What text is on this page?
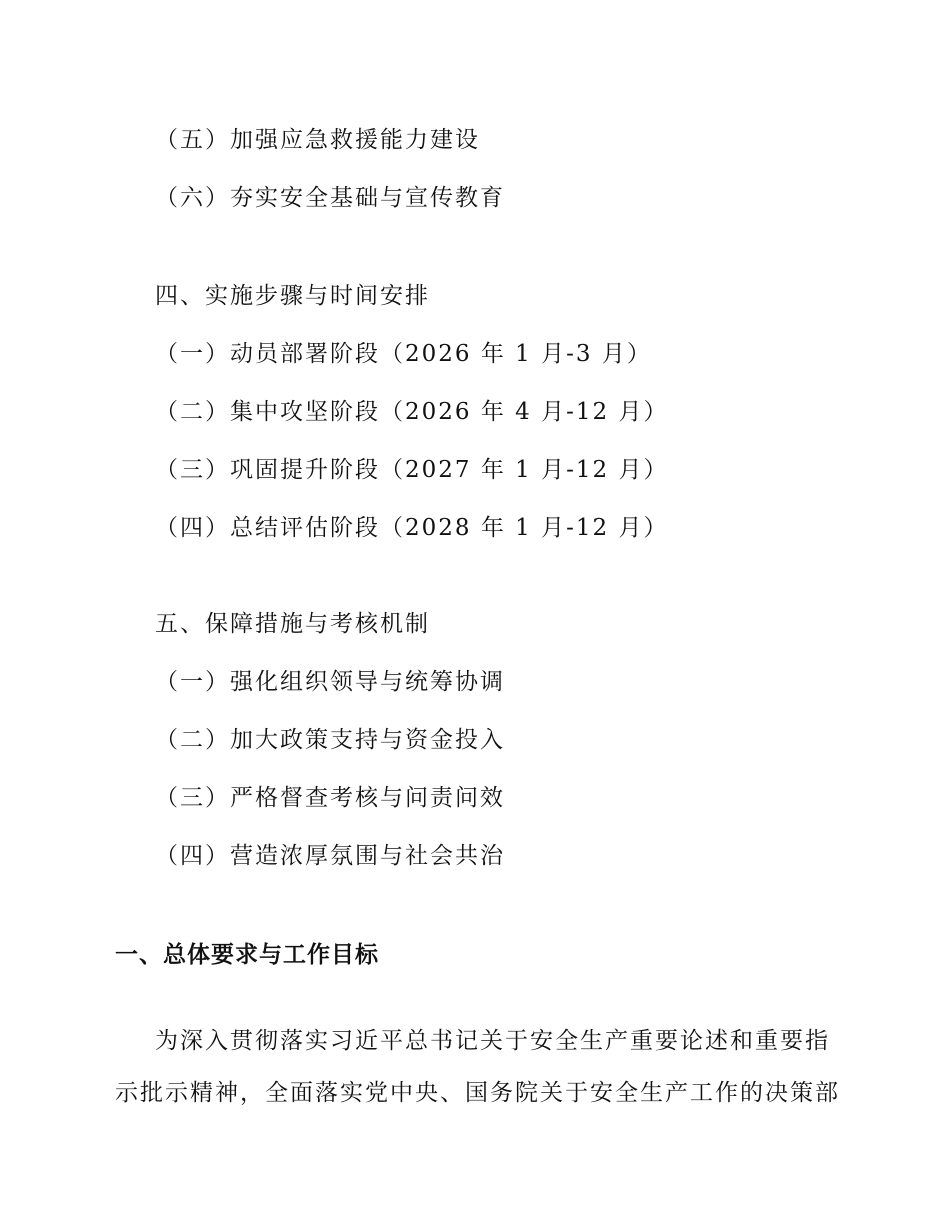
（五）加强应急救援能力建设
（六）夯实安全基础与宣传教育
四、实施步骤与时间安排
（一）动员部署阶段（2026 年 1 月-3 月）
（二）集中攻坚阶段（2026 年 4 月-12 月）
（三）巩固提升阶段（2027 年 1 月-12 月）
（四）总结评估阶段（2028 年 1 月-12 月）
五、保障措施与考核机制
（一）强化组织领导与统筹协调
（二）加大政策支持与资金投入
（三）严格督查考核与问责问效
（四）营造浓厚氛围与社会共治
一、总体要求与工作目标
为深入贯彻落实习近平总书记关于安全生产重要论述和重要指
示批示精神，全面落实党中央、国务院关于安全生产工作的决策部
